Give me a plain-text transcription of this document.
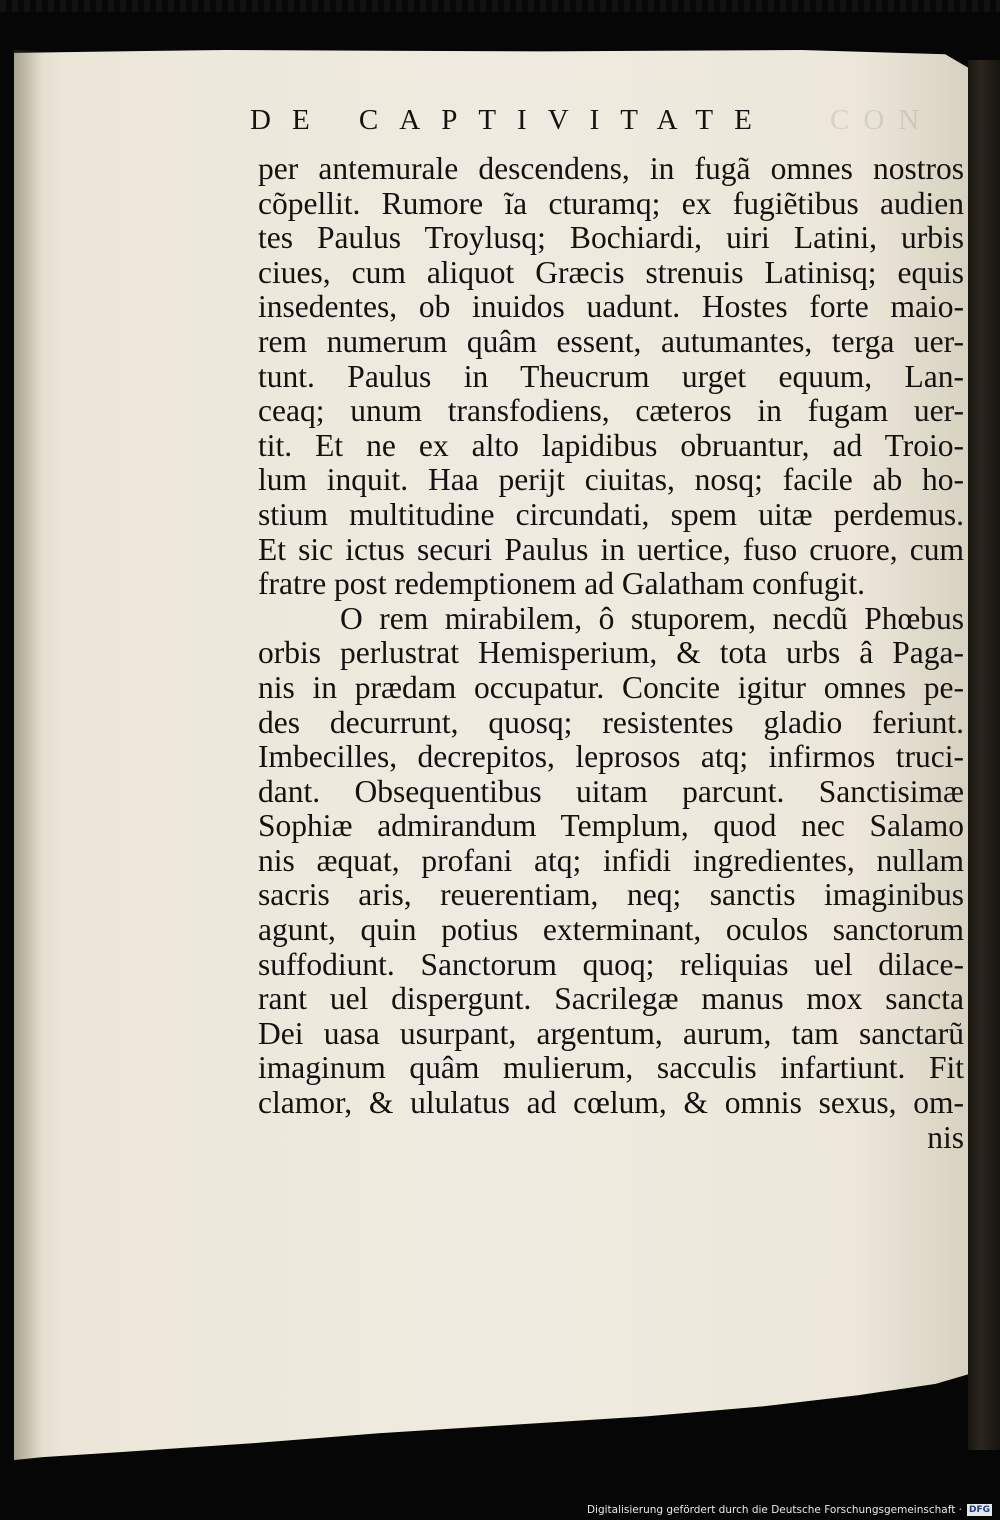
DE CAPTIVITATE	CON
per antemurale descendens, in fugã omnes nostros
cõpellit. Rumore ĩa cturamq; ex fugiẽtibus audien
tes Paulus Troylusq; Bochiardi, uiri Latini, urbis
ciues, cum aliquot Græcis strenuis Latinisq; equis
insedentes, ob inuidos uadunt. Hostes forte maio-
rem numerum quâm essent, autumantes, terga uer-
tunt. Paulus in Theucrum urget equum, Lan-
ceaq; unum transfodiens, cæteros in fugam uer-
tit. Et ne ex alto lapidibus obruantur, ad Troio-
lum inquit. Haa perijt ciuitas, nosq; facile ab ho-
stium multitudine circundati, spem uitæ perdemus.
Et sic ictus securi Paulus in uertice, fuso cruore, cum
fratre post redemptionem ad Galatham confugit.
O rem mirabilem, ô stuporem, necdũ Phœbus
orbis perlustrat Hemisperium, & tota urbs â Paga-
nis in prædam occupatur. Concite igitur omnes pe-
des decurrunt, quosq; resistentes gladio feriunt.
Imbecilles, decrepitos, leprosos atq; infirmos truci-
dant. Obsequentibus uitam parcunt. Sanctisimæ
Sophiæ admirandum Templum, quod nec Salamo
nis æquat, profani atq; infidi ingredientes, nullam
sacris aris, reuerentiam, neq; sanctis imaginibus
agunt, quin potius exterminant, oculos sanctorum
suffodiunt. Sanctorum quoq; reliquias uel dilace-
rant uel dispergunt. Sacrilegæ manus mox sancta
Dei uasa usurpant, argentum, aurum, tam sanctarũ
imaginum quâm mulierum, sacculis infartiunt. Fit
clamor, & ululatus ad cœlum, & omnis sexus, om-
nis
Digitalisierung gefördert durch die Deutsche Forschungsgemeinschaft · DFG
